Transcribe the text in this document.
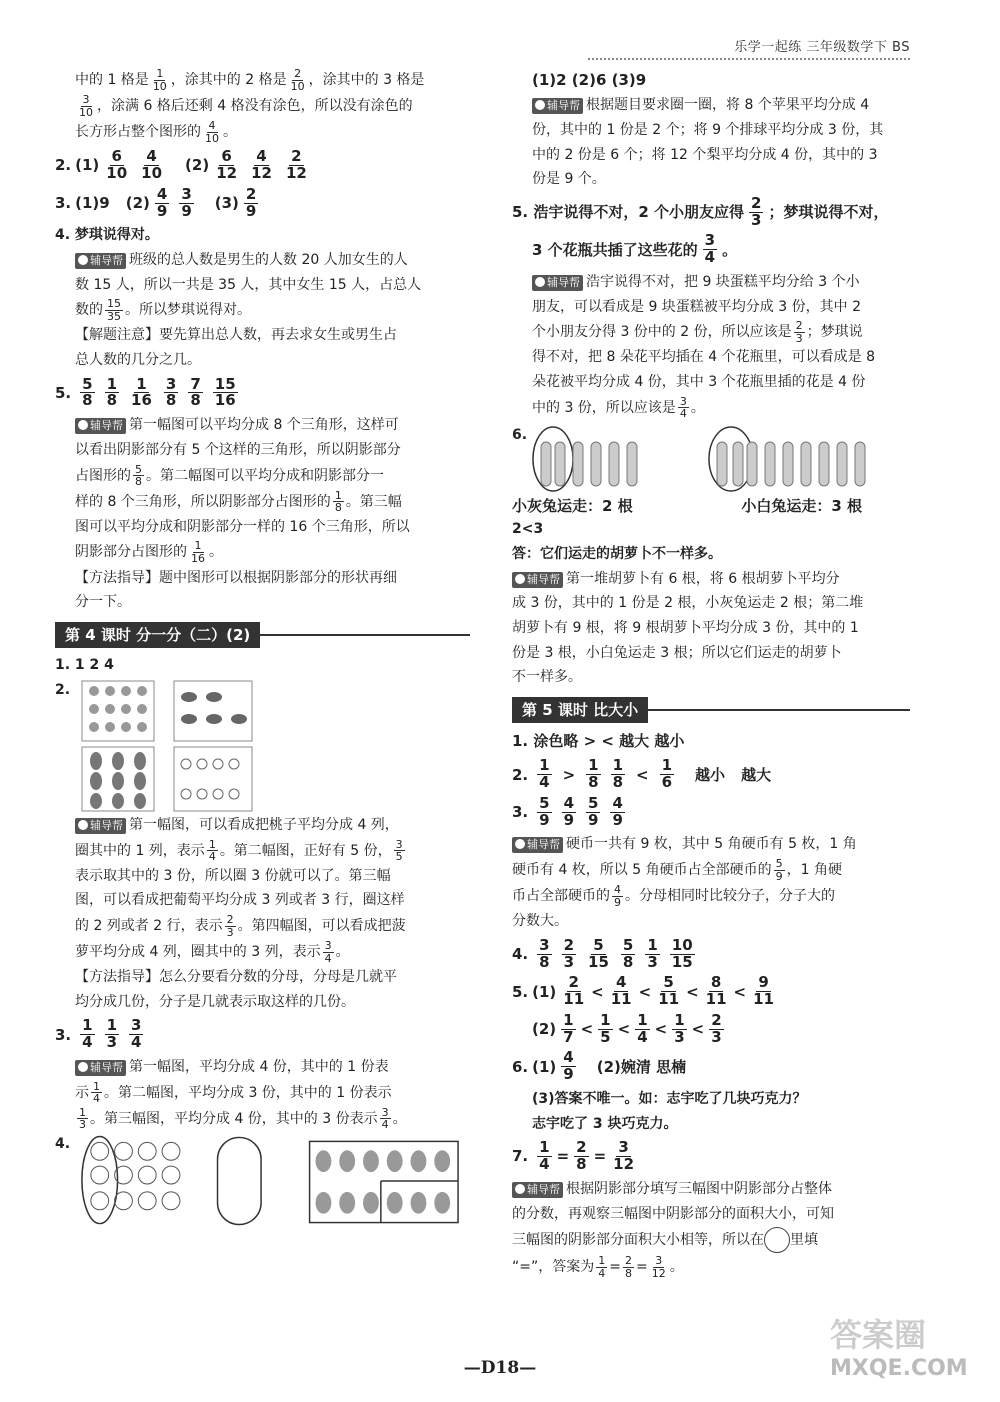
乐学一起练 三年级数学下 BS

中的 1 格是 $\frac{1}{10}$ ，涂其中的 2 格是 $\frac{2}{10}$ ，涂其中的 3 格是

$\frac{3}{10}$ ，涂满 6 格后还剩 4 格没有涂色，所以没有涂色的

长方形占整个图形的 $\frac{4}{10}$ 。

2. (1)
6
10
4
10 (2)
6
12
4
12
2
12
3. (1)9 (2)
4
9
3
9 (3)
2
9

4. 梦琪说得对。

辅导帮 班级的总人数是男生的人数 20 人加女生的人

数 15 人，所以一共是 35 人，其中女生 15 人，占总人

数的 $\frac{15}{35}$ 。所以梦琪说得对。

【解题注意】要先算出总人数，再去求女生或男生占

总人数的几分之几。

5.
5
8
1
8
1
16
3
8
7
8
15
16

辅导帮 第一幅图可以平均分成 8 个三角形，这样可

以看出阴影部分有 5 个这样的三角形，所以阴影部分

占图形的 $\frac{5}{8}$ 。第二幅图可以平均分成和阴影部分一

样的 8 个三角形，所以阴影部分占图形的 $\frac{1}{8}$ 。第三幅

图可以平均分成和阴影部分一样的 16 个三角形，所以

阴影部分占图形的 $\frac{1}{16}$ 。

【方法指导】题中图形可以根据阴影部分的形状再细

分一下。

第 4 课时 分一分（二）(2)

1. 1 2 4

2.

辅导帮 第一幅图，可以看成把桃子平均分成 4 列，

圈其中的 1 列，表示 $\frac{1}{4}$ 。第二幅图，正好有 5 份， $\frac{3}{5}$

表示取其中的 3 份，所以圈 3 份就可以了。第三幅

图，可以看成把葡萄平均分成 3 列或者 3 行，圈这样

的 2 列或者 2 行，表示 $\frac{2}{3}$ 。第四幅图，可以看成把菠

萝平均分成 4 列，圈其中的 3 列，表示 $\frac{3}{4}$ 。

【方法指导】怎么分要看分数的分母，分母是几就平

均分成几份，分子是几就表示取这样的几份。

3.
1
4
1
3
3
4

辅导帮 第一幅图，平均分成 4 份，其中的 1 份表

示 $\frac{1}{4}$ 。第二幅图，平均分成 3 份，其中的 1 份表示

$\frac{1}{3}$ 。第三幅图，平均分成 4 份，其中的 3 份表示 $\frac{3}{4}$ 。

4.

(1)2 (2)6 (3)9

辅导帮 根据题目要求圈一圈，将 8 个苹果平均分成 4

份，其中的 1 份是 2 个；将 9 个排球平均分成 3 份，其

中的 2 份是 6 个；将 12 个梨平均分成 4 份，其中的 3

份是 9 个。

5. 浩宇说得不对，2 个小朋友应得
2
3 ；梦琪说得不对，
3 个花瓶共插了这些花的
3
4 。

辅导帮 浩宇说得不对，把 9 块蛋糕平均分给 3 个小

朋友，可以看成是 9 块蛋糕被平均分成 3 份，其中 2

个小朋友分得 3 份中的 2 份，所以应该是 $\frac{2}{3}$ ；梦琪说

得不对，把 8 朵花平均插在 4 个花瓶里，可以看成是 8

朵花被平均分成 4 份，其中 3 个花瓶里插的花是 4 份

中的 3 份，所以应该是 $\frac{3}{4}$ 。

6.
小灰兔运走：2 根	小白兔运走：3 根

2<3

答：它们运走的胡萝卜不一样多。

辅导帮 第一堆胡萝卜有 6 根，将 6 根胡萝卜平均分

成 3 份，其中的 1 份是 2 根，小灰兔运走 2 根；第二堆

胡萝卜有 9 根，将 9 根胡萝卜平均分成 3 份，其中的 1

份是 3 根，小白兔运走 3 根；所以它们运走的胡萝卜

不一样多。

第 5 课时 比大小

1. 涂色略 > < 越大 越小

2.
1
4 >
1
8
1
8 <
1
6 越小 越大
3.
5
9
4
9
5
9
4
9

辅导帮 硬币一共有 9 枚，其中 5 角硬币有 5 枚，1 角

硬币有 4 枚，所以 5 角硬币占全部硬币的 $\frac{5}{9}$ ，1 角硬

币占全部硬币的 $\frac{4}{9}$ 。分母相同时比较分子，分子大的

分数大。

4.
3
8
2
3
5
15
5
8
1
3
10
15
5. (1)
2
11 <
4
11 <
5
11 <
8
11 <
9
11
(2)
1
7 <
1
5 <
1
4 <
1
3 <
2
3
6. (1)
4
9 (2)婉清 思楠

(3)答案不唯一。如：志宇吃了几块巧克力？

志宇吃了 3 块巧克力。

7. $\frac{1}{4} = \frac{2}{8} = \frac{3}{12}$

辅导帮 根据阴影部分填写三幅图中阴影部分占整体

的分数，再观察三幅图中阴影部分的面积大小，可知

三幅图的阴影部分面积大小相等，所以在 里填

“=”，答案为 $\frac{1}{4} = \frac{2}{8} = \frac{3}{12}$ 。

—D18—
答案圈
MXQE.COM
